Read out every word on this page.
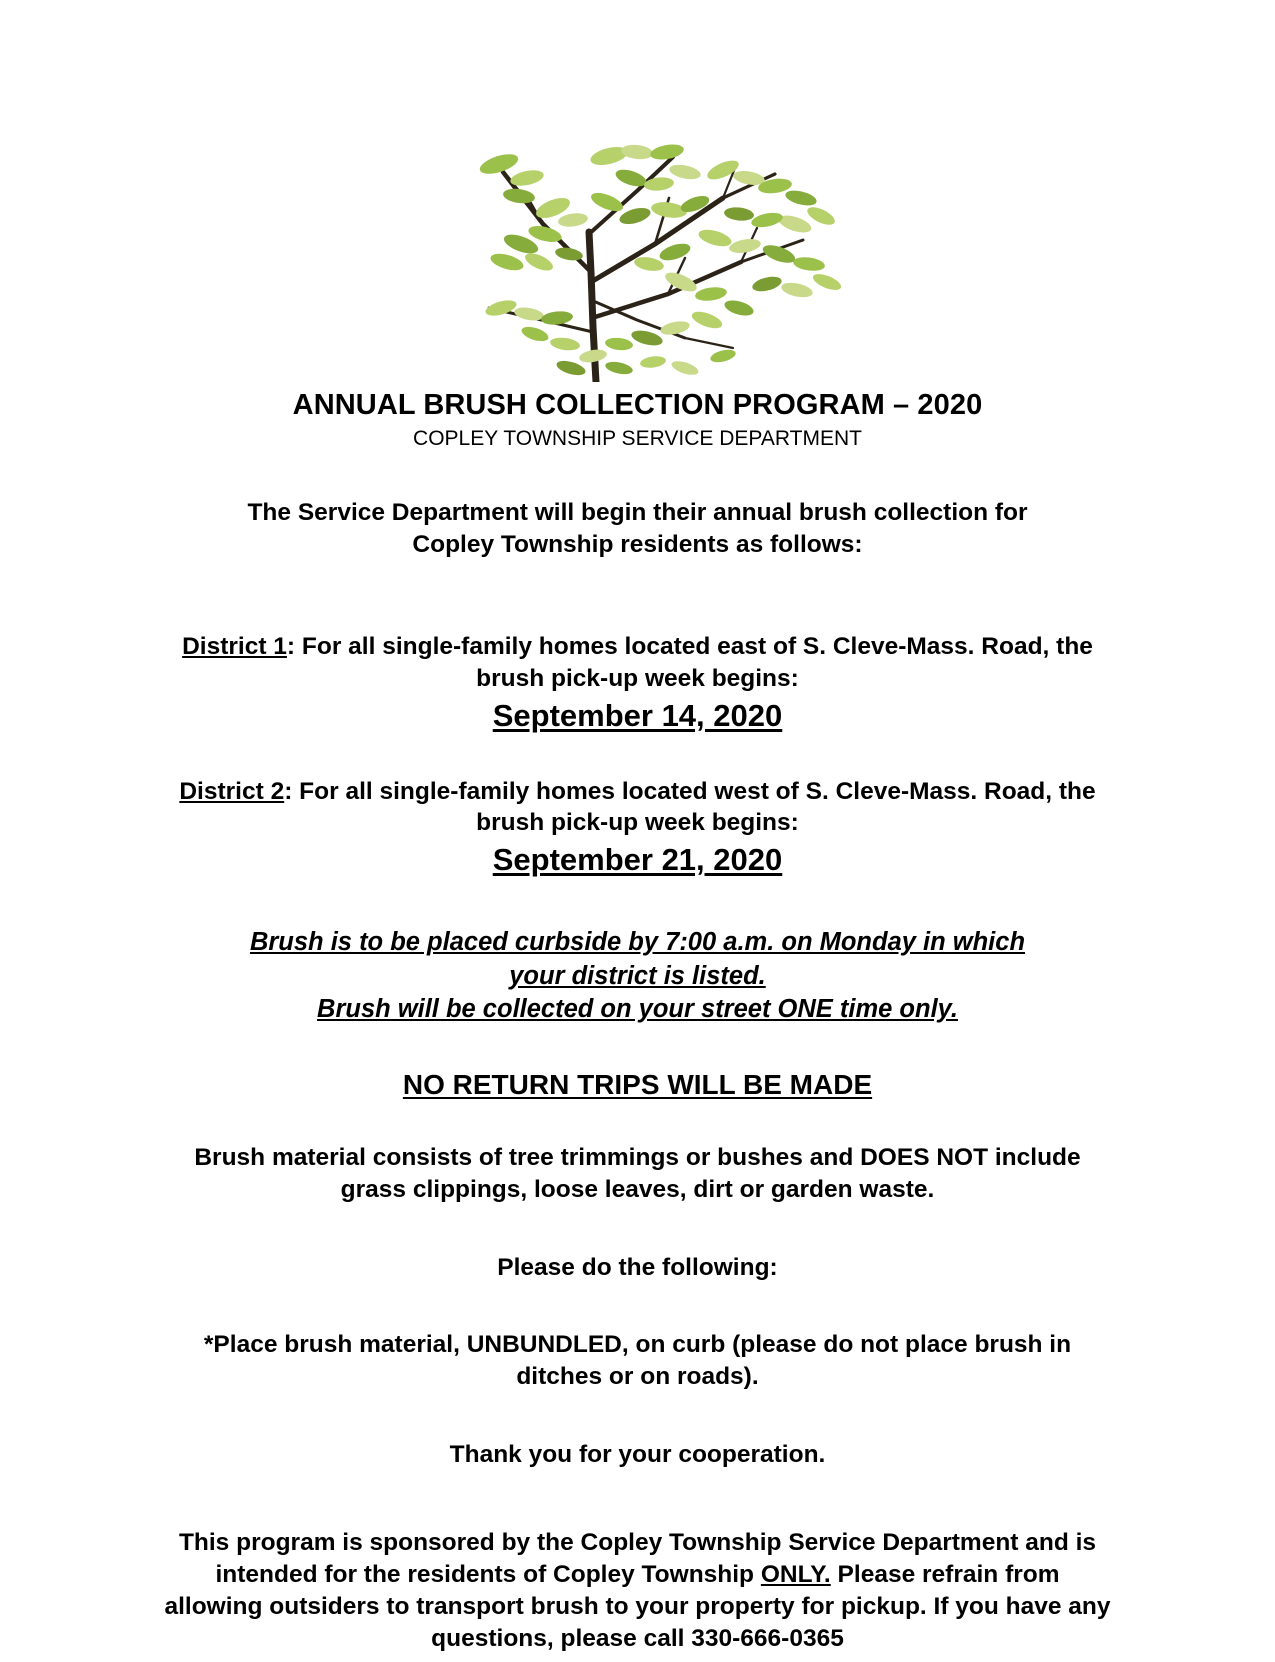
ANNUAL BRUSH COLLECTION PROGRAM – 2020
COPLEY TOWNSHIP SERVICE DEPARTMENT
The Service Department will begin their annual brush collection for
Copley Township residents as follows:
District 1: For all single-family homes located east of S. Cleve-Mass. Road, the
brush pick-up week begins:
September 14, 2020
District 2: For all single-family homes located west of S. Cleve-Mass. Road, the
brush pick-up week begins:
September 21, 2020
Brush is to be placed curbside by 7:00 a.m. on Monday in which
your district is listed.
Brush will be collected on your street ONE time only.
NO RETURN TRIPS WILL BE MADE
Brush material consists of tree trimmings or bushes and DOES NOT include
grass clippings, loose leaves, dirt or garden waste.
Please do the following:
*Place brush material, UNBUNDLED, on curb (please do not place brush in
ditches or on roads).
Thank you for your cooperation.
This program is sponsored by the Copley Township Service Department and is
intended for the residents of Copley Township ONLY. Please refrain from
allowing outsiders to transport brush to your property for pickup. If you have any
questions, please call 330-666-0365
